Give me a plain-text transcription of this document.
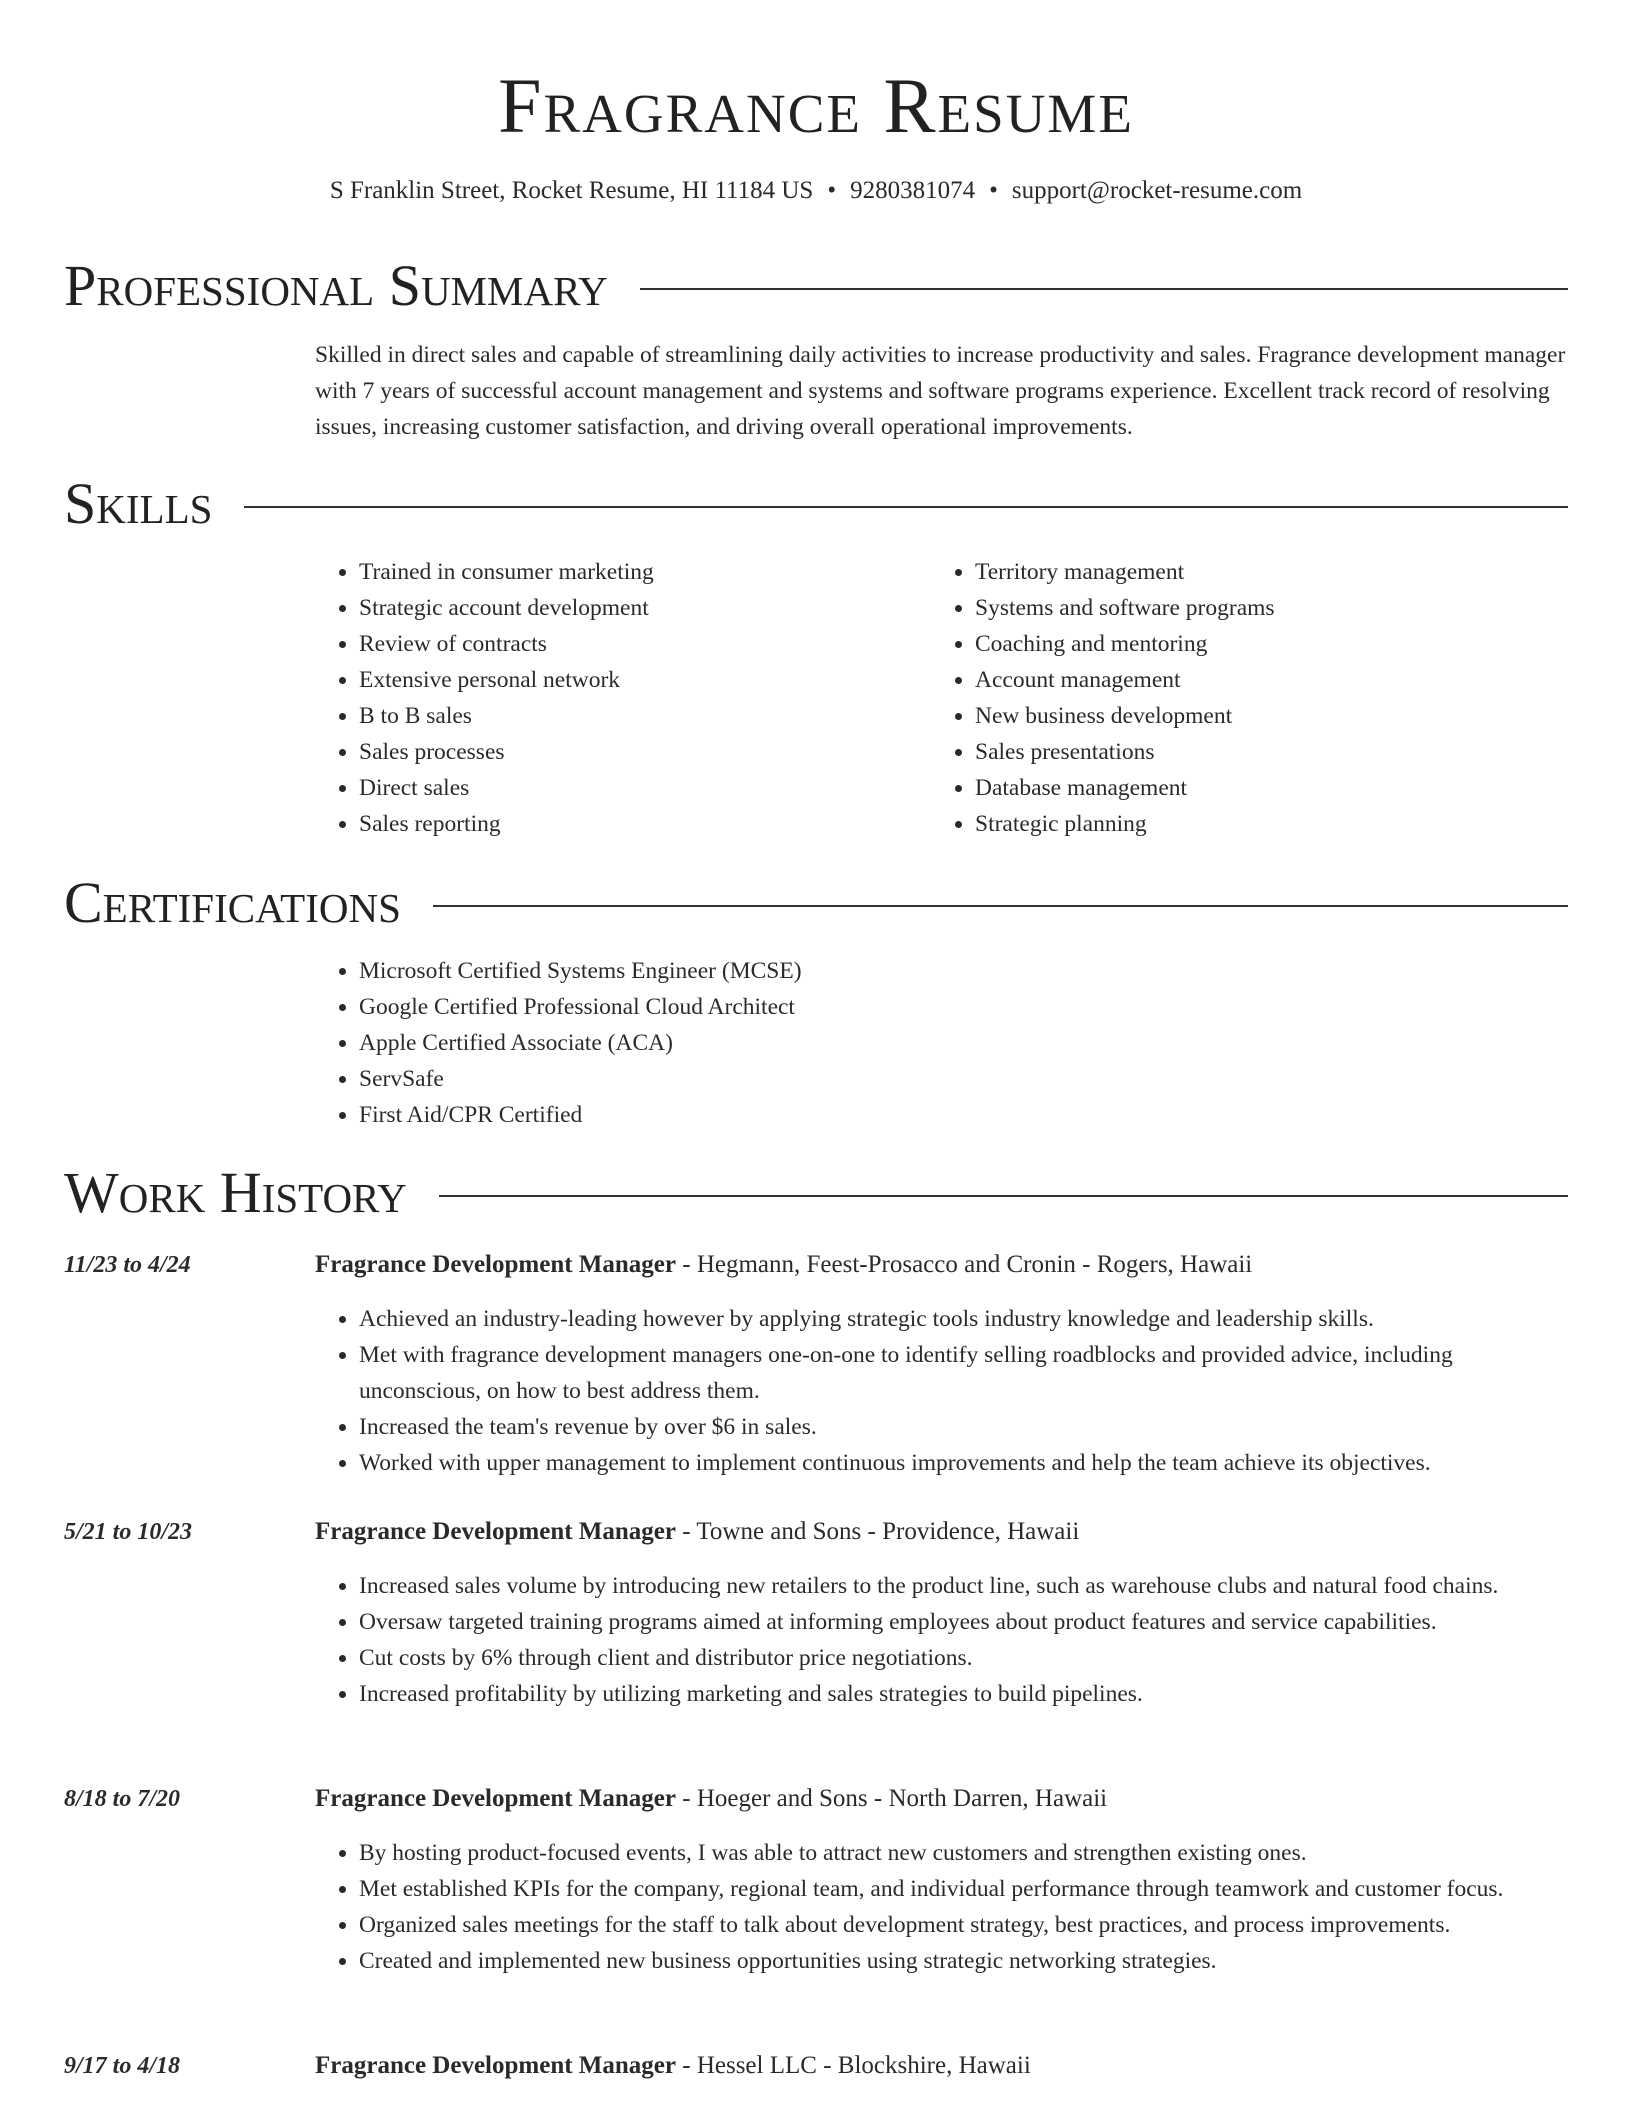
Fragrance Resume
S Franklin Street, Rocket Resume, HI 11184 US • 9280381074 • support@rocket-resume.com
Professional Summary

Skilled in direct sales and capable of streamlining daily activities to increase productivity and sales. Fragrance development manager with 7 years of successful account management and systems and software programs experience. Excellent track record of resolving issues, increasing customer satisfaction, and driving overall operational improvements.

Skills
• Trained in consumer marketing
• Strategic account development
• Review of contracts
• Extensive personal network
• B to B sales
• Sales processes
• Direct sales
• Sales reporting
• Territory management
• Systems and software programs
• Coaching and mentoring
• Account management
• New business development
• Sales presentations
• Database management
• Strategic planning
Certifications
• Microsoft Certified Systems Engineer (MCSE)
• Google Certified Professional Cloud Architect
• Apple Certified Associate (ACA)
• ServSafe
• First Aid/CPR Certified
Work History
11/23 to 4/24	Fragrance Development Manager - Hegmann, Feest-Prosacco and Cronin - Rogers, Hawaii
• Achieved an industry-leading however by applying strategic tools industry knowledge and leadership skills.
• Met with fragrance development managers one-on-one to identify selling roadblocks and provided advice, including unconscious, on how to best address them.
• Increased the team's revenue by over $6 in sales.
• Worked with upper management to implement continuous improvements and help the team achieve its objectives.
5/21 to 10/23	Fragrance Development Manager - Towne and Sons - Providence, Hawaii
• Increased sales volume by introducing new retailers to the product line, such as warehouse clubs and natural food chains.
• Oversaw targeted training programs aimed at informing employees about product features and service capabilities.
• Cut costs by 6% through client and distributor price negotiations.
• Increased profitability by utilizing marketing and sales strategies to build pipelines.
8/18 to 7/20	Fragrance Development Manager - Hoeger and Sons - North Darren, Hawaii
• By hosting product-focused events, I was able to attract new customers and strengthen existing ones.
• Met established KPIs for the company, regional team, and individual performance through teamwork and customer focus.
• Organized sales meetings for the staff to talk about development strategy, best practices, and process improvements.
• Created and implemented new business opportunities using strategic networking strategies.
9/17 to 4/18	Fragrance Development Manager - Hessel LLC - Blockshire, Hawaii
